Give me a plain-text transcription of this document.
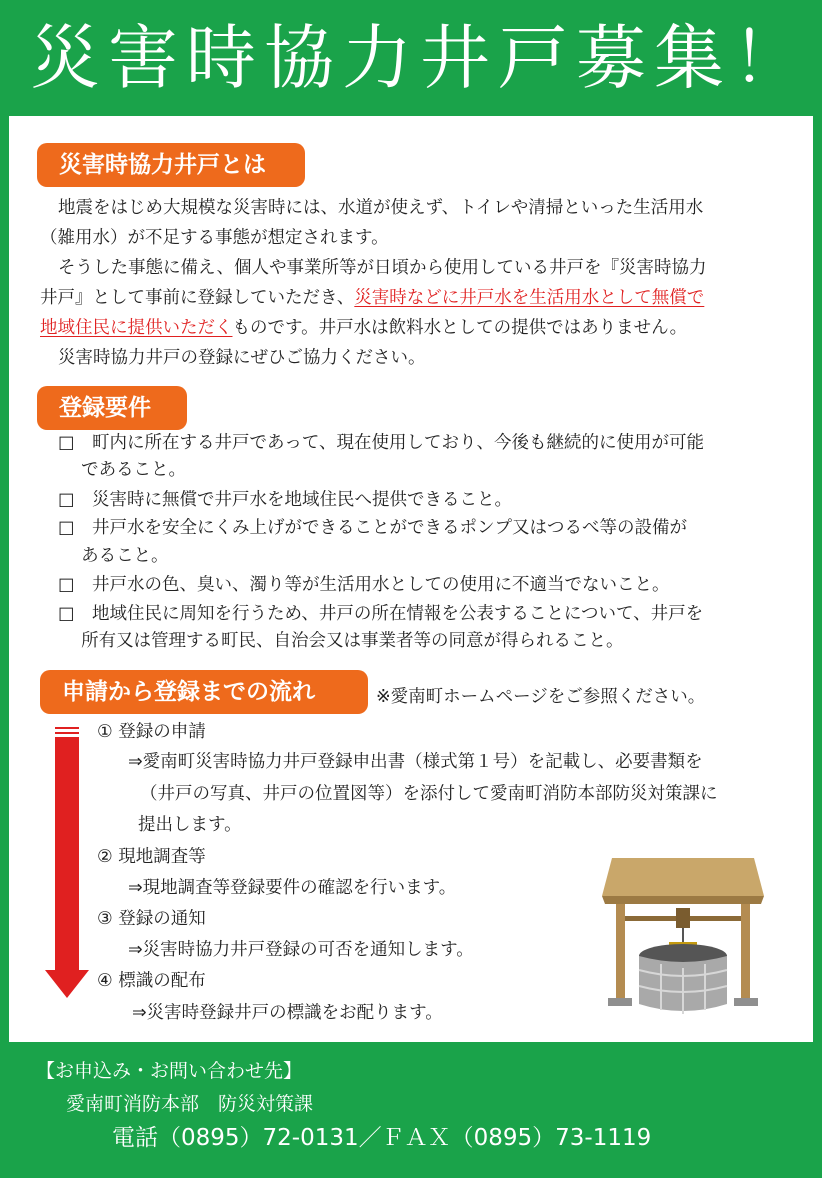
災害時協力井戸募集！
災害時協力井戸とは
地震をはじめ大規模な災害時には、水道が使えず、トイレや清掃といった生活用水
（雑用水）が不足する事態が想定されます。
そうした事態に備え、個人や事業所等が日頃から使用している井戸を『災害時協力
井戸』として事前に登録していただき、災害時などに井戸水を生活用水として無償で
地域住民に提供いただくものです。井戸水は飲料水としての提供ではありません。
災害時協力井戸の登録にぜひご協力ください。
登録要件
□　町内に所在する井戸であって、現在使用しており、今後も継続的に使用が可能
　 であること。
□　災害時に無償で井戸水を地域住民へ提供できること。
□　井戸水を安全にくみ上げができることができるポンプ又はつるべ等の設備が
　 あること。
□　井戸水の色、臭い、濁り等が生活用水としての使用に不適当でないこと。
□　地域住民に周知を行うため、井戸の所在情報を公表することについて、井戸を
　 所有又は管理する町民、自治会又は事業者等の同意が得られること。
申請から登録までの流れ	※愛南町ホームページをご参照ください。
① 登録の申請
⇒愛南町災害時協力井戸登録申出書（様式第１号）を記載し、必要書類を
（井戸の写真、井戸の位置図等）を添付して愛南町消防本部防災対策課に
提出します。
② 現地調査等
⇒現地調査等登録要件の確認を行います。
③ 登録の通知
⇒災害時協力井戸登録の可否を通知します。
④ 標識の配布
⇒災害時登録井戸の標識をお配ります。
【お申込み・お問い合わせ先】
愛南町消防本部　防災対策課
電話（0895）72-0131／ＦＡＸ（0895）73-1119
